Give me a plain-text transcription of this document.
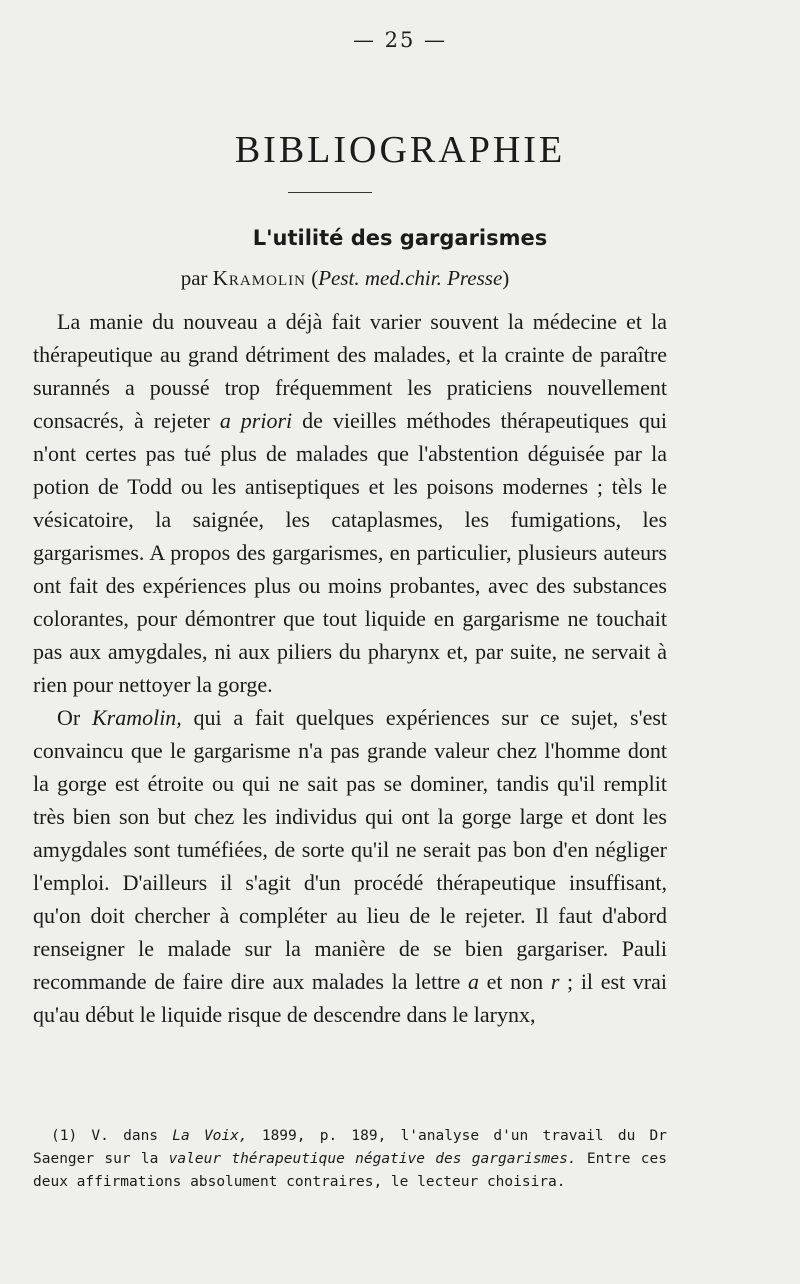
— 25 —
BIBLIOGRAPHIE
L'utilité des gargarismes
par Kramolin (Pest. med.chir. Presse)

La manie du nouveau a déjà fait varier souvent la médecine et la thérapeutique au grand détriment des malades, et la crainte de paraître surannés a poussé trop fréquemment les praticiens nouvellement consacrés, à rejeter a priori de vieilles méthodes thérapeutiques qui n'ont certes pas tué plus de malades que l'abstention déguisée par la potion de Todd ou les antiseptiques et les poisons modernes ; tèls le vésicatoire, la saignée, les cataplasmes, les fumigations, les gargarismes. A propos des gargarismes, en particulier, plusieurs auteurs ont fait des expériences plus ou moins probantes, avec des substances colorantes, pour démontrer que tout liquide en gargarisme ne touchait pas aux amygdales, ni aux piliers du pharynx et, par suite, ne servait à rien pour nettoyer la gorge.

Or Kramolin, qui a fait quelques expériences sur ce sujet, s'est convaincu que le gargarisme n'a pas grande valeur chez l'homme dont la gorge est étroite ou qui ne sait pas se dominer, tandis qu'il remplit très bien son but chez les individus qui ont la gorge large et dont les amygdales sont tuméfiées, de sorte qu'il ne serait pas bon d'en négliger l'emploi. D'ailleurs il s'agit d'un procédé thérapeutique insuffisant, qu'on doit chercher à compléter au lieu de le rejeter. Il faut d'abord renseigner le malade sur la manière de se bien gargariser. Pauli recommande de faire dire aux malades la lettre a et non r ; il est vrai qu'au début le liquide risque de descendre dans le larynx,

(1) V. dans La Voix, 1899, p. 189, l'analyse d'un travail du Dr Saenger sur la valeur thérapeutique négative des gargarismes. Entre ces deux affirmations absolument contraires, le lecteur choisira.
